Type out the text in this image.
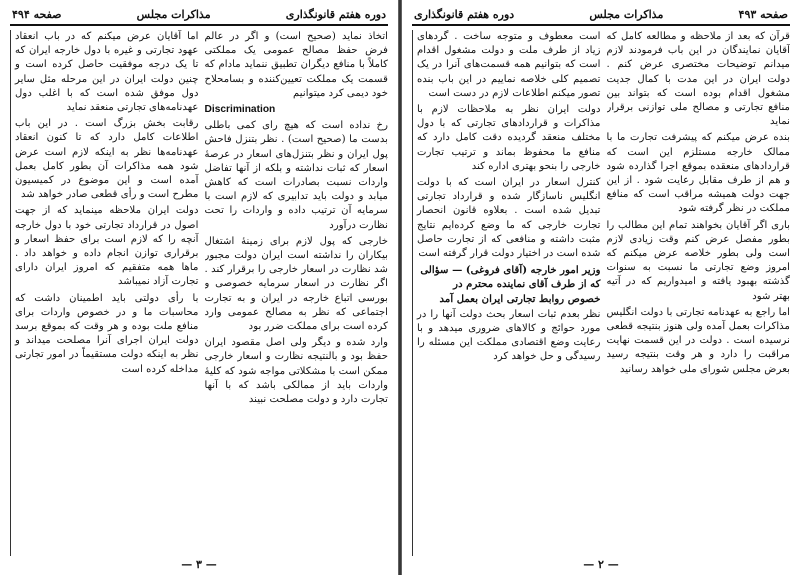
دوره هفتم قانونگذاری
مذاکرات مجلس
صفحه ۴۹۴

اتخاذ نماید (صحیح است) و اگر در عالم فرض حفظ مصالح عمومی یک مملکتی کاملاً با منافع دیگران تطبیق ننماید مادام که قسمت یک مملکت تعیین‌کننده و بسامحلاح خود دیمی کرد میتوانیم

Discrimination

رخ نداده است که هیچ رای کمی باطلی بدست ما (صحیح است) . نظر بتنزل فاحش پول ایران و نظر بتنزل‌های اسعار در عرصهٔ اسعار که ثبات نداشته و بلکه از آنها تفاضل واردات نسبت بصادرات است که کاهش میابد و دولت باید تدابیری که لازم است با سرمایه آن ترتیب داده و واردات را تحت نظارت درآورد

خارجی که پول لازم برای زمینهٔ اشتغال بیکاران را نداشته است ایران دولت مجبور شد نظارت در اسعار خارجی را برقرار کند . اگر نظارت در اسعار سرمایه خصوصی و بورسی اتباع خارجه در ایران و به تجارت اجتماعی که نظر به مصالح عمومی وارد کرده است برای مملکت ضرر بود

وارد شده و دیگر ولی اصل مقصود ایران حفظ بود و بالنتیجه نظارت و اسعار خارجی ممکن است با مشکلاتی مواجه شود که کلیهٔ واردات باید از ممالکی باشد که با آنها تجارت دارد و دولت مصلحت نبیند

اما آقایان عرض میکنم که در باب انعقاد عهود تجارتی و غیره با دول خارجه ایران که تا یک درجه موفقیت حاصل کرده است و چنین دولت ایران در این مرحله مثل سایر دول موفق شده است که با اغلب دول عهدنامه‌های تجارتی منعقد نماید

رقابت بخش بزرگ است . در این باب اطلاعات کامل دارد که تا کنون انعقاد عهدنامه‌ها نظر به اینکه لازم است عرض شود همه مذاکرات آن بطور کامل بعمل آمده است و این موضوع در کمیسیون مطرح است و رأی قطعی صادر خواهد شد

دولت ایران ملاحظه مینماید که از جهت اصول در قرارداد تجارتی خود با دول خارجه آنچه را که لازم است برای حفظ اسعار و برقراری توازن انجام داده و خواهد داد . ماها همه متفقیم که امروز ایران دارای تجارت آزاد نمیباشد

با رأی دولتی باید اطمینان داشت که محاسبات ما و در خصوص واردات برای منافع ملت بوده و هر وقت که بموقع برسد دولت ایران اجرای آنرا مصلحت میداند و نظر به اینکه دولت مستقیماً در امور تجارتی مداخله کرده است

— ۳ —
صفحه ۴۹۳
مذاکرات مجلس
دوره هفتم قانونگذاری

قرآن که بعد از ملاحظه و مطالعه کامل که آقایان نمایندگان در این باب فرمودند لازم میدانم توضیحات مختصری عرض کنم . دولت ایران در این مدت با کمال جدیت مشغول اقدام بوده است که بتواند بین منافع تجارتی و مصالح ملی توازنی برقرار نماید

بنده عرض میکنم که پیشرفت تجارت ما با ممالک خارجه مستلزم این است که قراردادهای منعقده بموقع اجرا گذارده شود و هم از طرف مقابل رعایت شود . از این جهت دولت همیشه مراقب است که منافع مملکت در نظر گرفته شود

باری اگر آقایان بخواهند تمام این مطالب را بطور مفصل عرض کنم وقت زیادی لازم است ولی بطور خلاصه عرض میکنم که امروز وضع تجارتی ما نسبت به سنوات گذشته بهبود یافته و امیدواریم که در آتیه بهتر شود

اما راجع به عهدنامه تجارتی با دولت انگلیس مذاکرات بعمل آمده ولی هنوز بنتیجه قطعی نرسیده است . دولت در این قسمت نهایت مراقبت را دارد و هر وقت بنتیجه رسید بعرض مجلس شورای ملی خواهد رسانید

است معطوف و متوجه ساخت . گرد‌های زیاد از طرف ملت و دولت مشغول اقدام است که بتوانیم همه قسمت‌های آنرا در یک تصمیم کلی خلاصه نماییم در این باب بنده تصور میکنم اطلاعات لازم در دست است

دولت ایران نظر به ملاحظات لازم با مذاکرات و قراردادهای تجارتی که با دول مختلف منعقد گردیده دقت کامل دارد که منافع ما محفوظ بماند و ترتیب تجارت خارجی را بنحو بهتری اداره کند

کنترل اسعار در ایران است که با دولت انگلیس ناسازگار شده و قرارداد تجارتی تبدیل شده است . بعلاوه قانون انحصار تجارت خارجی که ما وضع کرده‌ایم نتایج مثبت داشته و منافعی که از تجارت حاصل شده است در اختیار دولت قرار گرفته است

وزیر امور خارجه (آقای فروغی) — سؤالی که از طرف آقای نماینده محترم در خصوص روابط تجارتی ایران بعمل آمد

نظر بعدم ثبات اسعار بحث دولت آنها را در مورد حوائج و کالا‌های ضروری میدهد و با رعایت وضع اقتصادی مملکت این مسئله را رسیدگی و حل خواهد کرد

— ۲ —
